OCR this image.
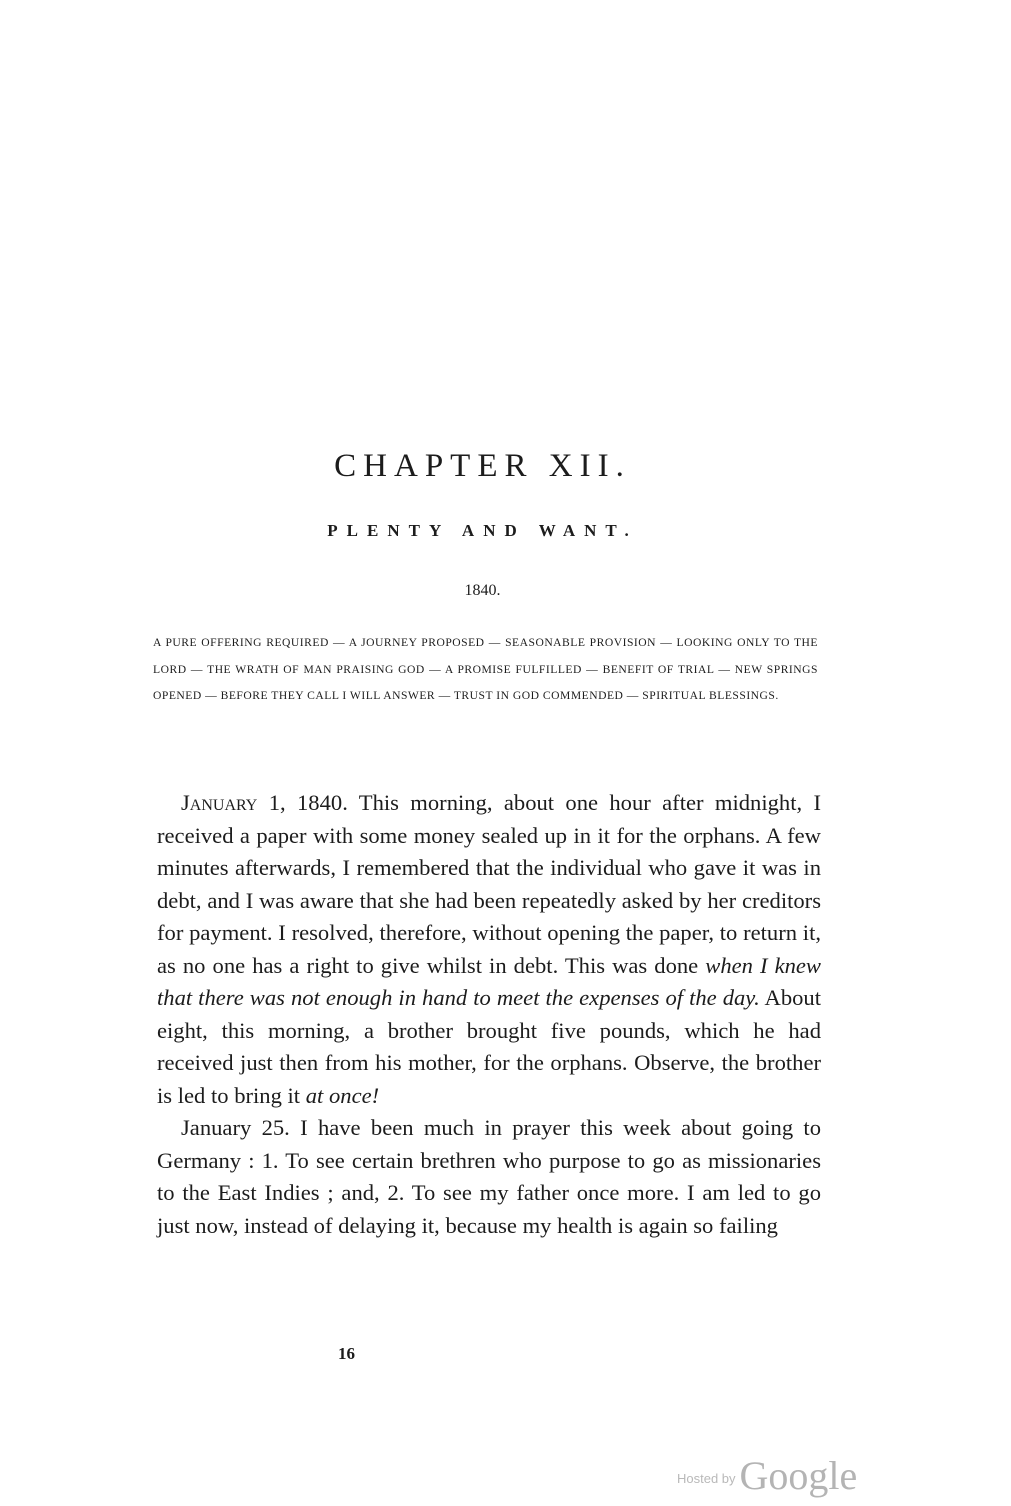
CHAPTER XII.
PLENTY AND WANT.
1840.

A PURE OFFERING REQUIRED — A JOURNEY PROPOSED — SEASONABLE PROVISION — LOOKING ONLY TO THE LORD — THE WRATH OF MAN PRAISING GOD — A PROMISE FULFILLED — BENEFIT OF TRIAL — NEW SPRINGS OPENED — BEFORE THEY CALL I WILL ANSWER — TRUST IN GOD COMMENDED — SPIRITUAL BLESSINGS.

January 1, 1840. This morning, about one hour after midnight, I received a paper with some money sealed up in it for the orphans. A few minutes afterwards, I remembered that the individual who gave it was in debt, and I was aware that she had been repeatedly asked by her creditors for payment. I resolved, therefore, without opening the paper, to return it, as no one has a right to give whilst in debt. This was done when I knew that there was not enough in hand to meet the expenses of the day. About eight, this morning, a brother brought five pounds, which he had received just then from his mother, for the orphans. Observe, the brother is led to bring it at once!

January 25. I have been much in prayer this week about going to Germany : 1. To see certain brethren who purpose to go as missionaries to the East Indies ; and, 2. To see my father once more. I am led to go just now, instead of delaying it, because my health is again so failing

16
$^{Hosted by}$ Google
